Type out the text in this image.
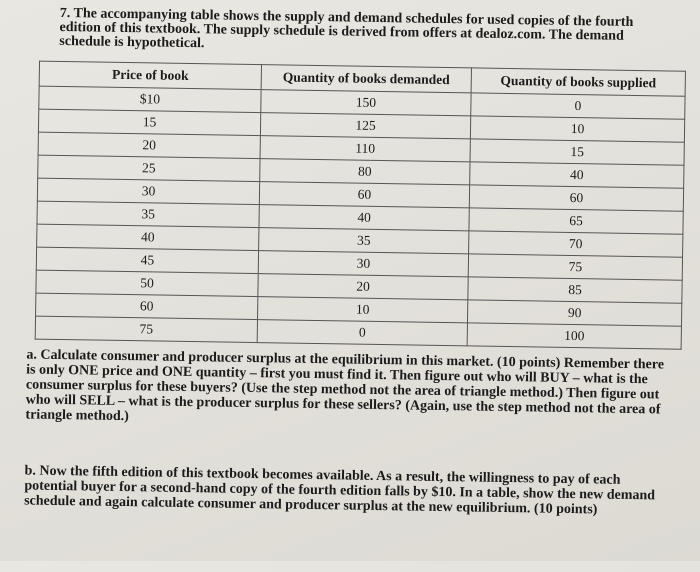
7. The accompanying table shows the supply and demand schedules for used copies of the fourth edition of this textbook. The supply schedule is derived from offers at dealoz.com. The demand schedule is hypothetical.
Price of book	Quantity of books demanded	Quantity of books supplied
$10	150	0
15	125	10
20	110	15
25	80	40
30	60	60
35	40	65
40	35	70
45	30	75
50	20	85
60	10	90
75	0	100
a. Calculate consumer and producer surplus at the equilibrium in this market. (10 points) Remember there is only ONE price and ONE quantity – first you must find it. Then figure out who will BUY – what is the consumer surplus for these buyers? (Use the step method not the area of triangle method.) Then figure out who will SELL – what is the producer surplus for these sellers? (Again, use the step method not the area of triangle method.)
b. Now the fifth edition of this textbook becomes available. As a result, the willingness to pay of each potential buyer for a second-hand copy of the fourth edition falls by $10. In a table, show the new demand schedule and again calculate consumer and producer surplus at the new equilibrium. (10 points)
